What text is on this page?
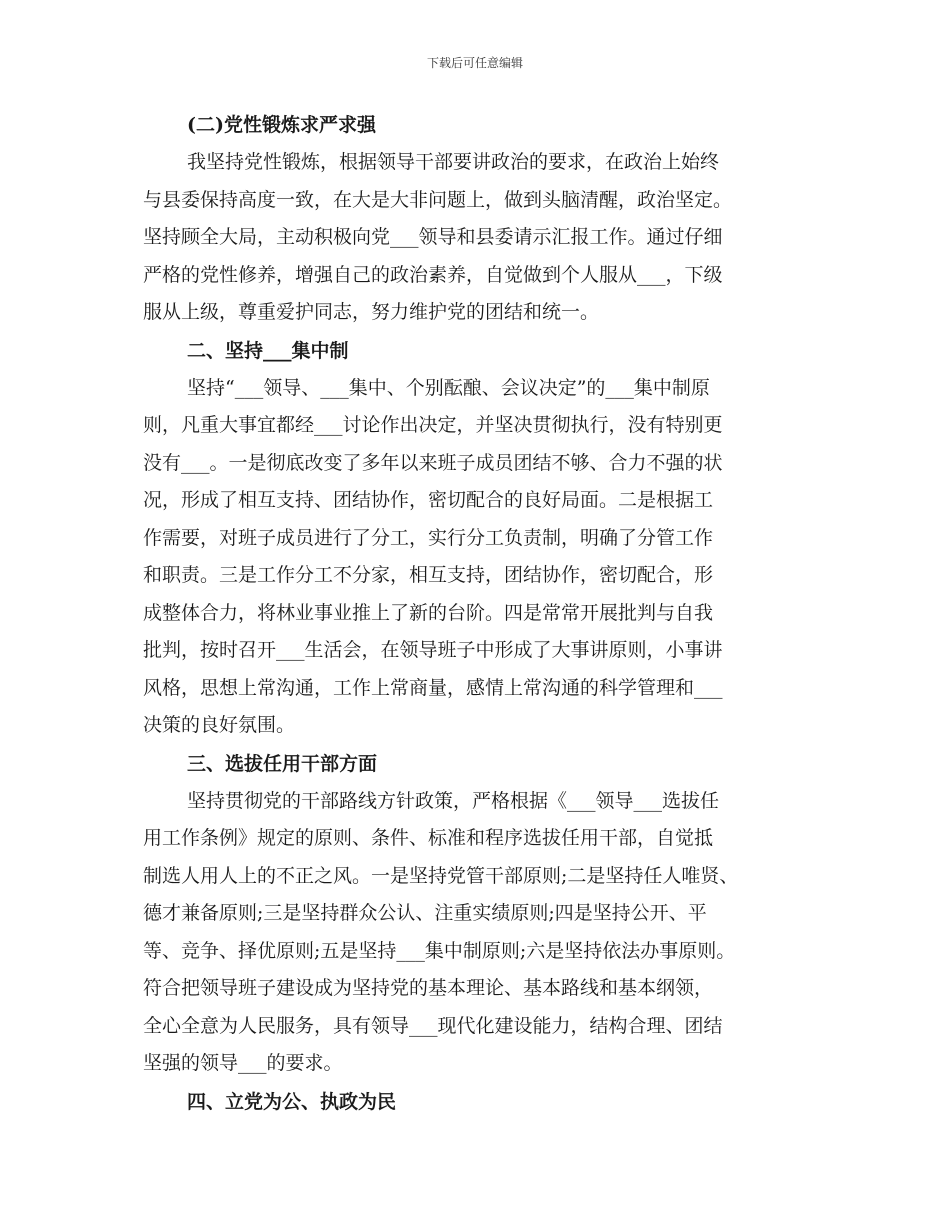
下载后可任意编辑
(二)党性锻炼求严求强
我坚持党性锻炼，根据领导干部要讲政治的要求，在政治上始终
与县委保持高度一致，在大是大非问题上，做到头脑清醒，政治坚定。
坚持顾全大局，主动积极向党___领导和县委请示汇报工作。通过仔细
严格的党性修养，增强自己的政治素养，自觉做到个人服从___，下级
服从上级，尊重爱护同志，努力维护党的团结和统一。
二、坚持___集中制
坚持“___领导、___集中、个别酝酿、会议决定”的___集中制原
则，凡重大事宜都经___讨论作出决定，并坚决贯彻执行，没有特别更
没有___。一是彻底改变了多年以来班子成员团结不够、合力不强的状
况，形成了相互支持、团结协作，密切配合的良好局面。二是根据工
作需要，对班子成员进行了分工，实行分工负责制，明确了分管工作
和职责。三是工作分工不分家，相互支持，团结协作，密切配合，形
成整体合力，将林业事业推上了新的台阶。四是常常开展批判与自我
批判，按时召开___生活会，在领导班子中形成了大事讲原则，小事讲
风格，思想上常沟通，工作上常商量，感情上常沟通的科学管理和___
决策的良好氛围。
三、选拔任用干部方面
坚持贯彻党的干部路线方针政策，严格根据《___领导___选拔任
用工作条例》规定的原则、条件、标准和程序选拔任用干部，自觉抵
制选人用人上的不正之风。一是坚持党管干部原则;二是坚持任人唯贤、
德才兼备原则;三是坚持群众公认、注重实绩原则;四是坚持公开、平
等、竞争、择优原则;五是坚持___集中制原则;六是坚持依法办事原则。
符合把领导班子建设成为坚持党的基本理论、基本路线和基本纲领，
全心全意为人民服务，具有领导___现代化建设能力，结构合理、团结
坚强的领导___的要求。
四、立党为公、执政为民
